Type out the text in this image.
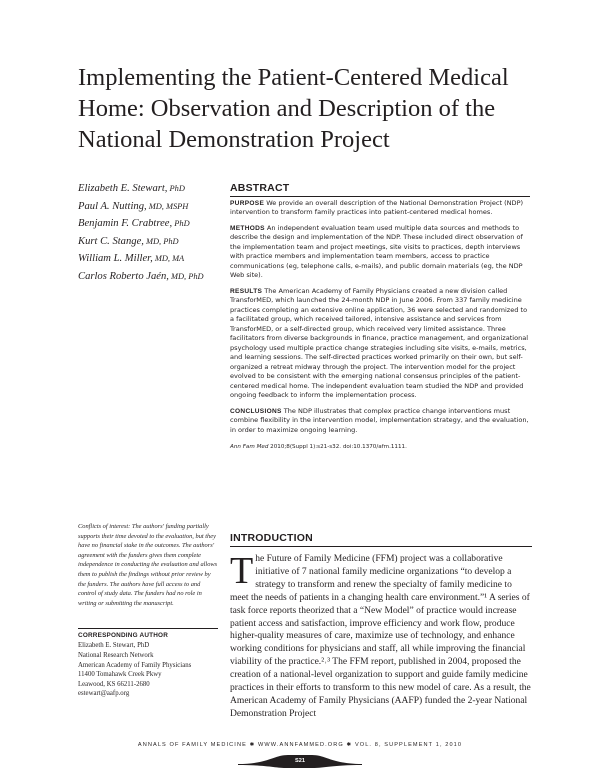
Implementing the Patient-Centered Medical Home: Observation and Description of the National Demonstration Project
Elizabeth E. Stewart, PhD
Paul A. Nutting, MD, MSPH
Benjamin F. Crabtree, PhD
Kurt C. Stange, MD, PhD
William L. Miller, MD, MA
Carlos Roberto Jaén, MD, PhD
ABSTRACT

PURPOSE We provide an overall description of the National Demonstration Project (NDP) intervention to transform family practices into patient-centered medical homes.

METHODS An independent evaluation team used multiple data sources and methods to describe the design and implementation of the NDP. These included direct observation of the implementation team and project meetings, site visits to practices, depth interviews with practice members and implementation team members, access to practice communications (eg, telephone calls, e-mails), and public domain materials (eg, the NDP Web site).

RESULTS The American Academy of Family Physicians created a new division called TransforMED, which launched the 24-month NDP in June 2006. From 337 family medicine practices completing an extensive online application, 36 were selected and randomized to a facilitated group, which received tailored, intensive assistance and services from TransforMED, or a self-directed group, which received very limited assistance. Three facilitators from diverse backgrounds in finance, practice management, and organizational psychology used multiple practice change strategies including site visits, e-mails, metrics, and learning sessions. The self-directed practices worked primarily on their own, but self-organized a retreat midway through the project. The intervention model for the project evolved to be consistent with the emerging national consensus principles of the patient-centered medical home. The independent evaluation team studied the NDP and provided ongoing feedback to inform the implementation process.

CONCLUSIONS The NDP illustrates that complex practice change interventions must combine flexibility in the intervention model, implementation strategy, and the evaluation, in order to maximize ongoing learning.

Ann Fam Med 2010;8(Suppl 1):s21-s32. doi:10.1370/afm.1111.

Conflicts of interest: The authors' funding partially supports their time devoted to the evaluation, but they have no financial stake in the outcomes. The authors' agreement with the funders gives them complete independence in conducting the evaluation and allows them to publish the findings without prior review by the funders. The authors have full access to and control of study data. The funders had no role in writing or submitting the manuscript.

CORRESPONDING AUTHOR
Elizabeth E. Stewart, PhD
National Research Network
American Academy of Family Physicians
11400 Tomahawk Creek Pkwy
Leawood, KS 66211-2680
estewart@aafp.org
INTRODUCTION

The Future of Family Medicine (FFM) project was a collaborative initiative of 7 national family medicine organizations “to develop a strategy to transform and renew the specialty of family medicine to meet the needs of patients in a changing health care environment.”¹ A series of task force reports theorized that a “New Model” of practice would increase patient access and satisfaction, improve efficiency and work flow, produce higher-quality measures of care, maximize use of technology, and enhance working conditions for physicians and staff, all while improving the financial viability of the practice.²˒³ The FFM report, published in 2004, proposed the creation of a national-level organization to support and guide family medicine practices in their efforts to transform to this new model of care. As a result, the American Academy of Family Physicians (AAFP) funded the 2-year National Demonstration Project

ANNALS OF FAMILY MEDICINE ✱ WWW.ANNFAMMED.ORG ✱ VOL. 8, SUPPLEMENT 1, 2010
S21
